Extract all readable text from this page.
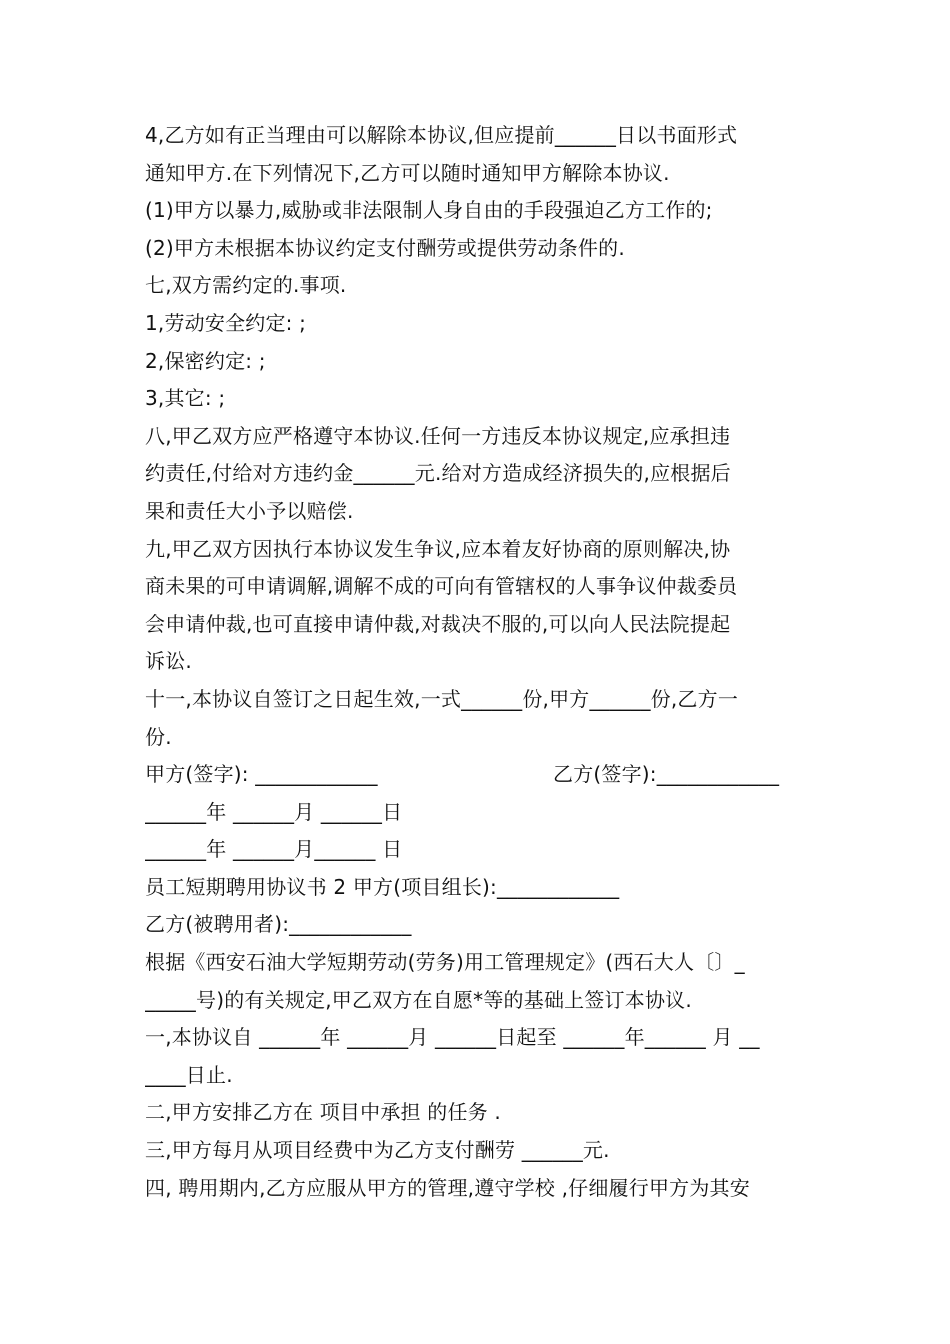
4,乙方如有正当理由可以解除本协议,但应提前______日以书面形式

通知甲方.在下列情况下,乙方可以随时通知甲方解除本协议.

(1)甲方以暴力,威胁或非法限制人身自由的手段强迫乙方工作的;

(2)甲方未根据本协议约定支付酬劳或提供劳动条件的.

七,双方需约定的.事项.

1,劳动安全约定: ;

2,保密约定: ;

3,其它: ;

八,甲乙双方应严格遵守本协议.任何一方违反本协议规定,应承担违

约责任,付给对方违约金______元.给对方造成经济损失的,应根据后

果和责任大小予以赔偿.

九,甲乙双方因执行本协议发生争议,应本着友好协商的原则解决,协

商未果的可申请调解,调解不成的可向有管辖权的人事争议仲裁委员

会申请仲裁,也可直接申请仲裁,对裁决不服的,可以向人民法院提起

诉讼.

十一,本协议自签订之日起生效,一式______份,甲方______份,乙方一

份.

甲方(签字): ____________	乙方(签字):____________

______年 ______月 ______日

______年 ______月______ 日

员工短期聘用协议书 2 甲方(项目组长):____________

乙方(被聘用者):____________

根据《西安石油大学短期劳动(劳务)用工管理规定》(西石大人〔〕_

_____号)的有关规定,甲乙双方在自愿*等的基础上签订本协议.

一,本协议自 ______年 ______月 ______日起至 ______年______ 月 __

____日止.

二,甲方安排乙方在 项目中承担 的任务 .

三,甲方每月从项目经费中为乙方支付酬劳 ______元.

四, 聘用期内,乙方应服从甲方的管理,遵守学校 ,仔细履行甲方为其安
